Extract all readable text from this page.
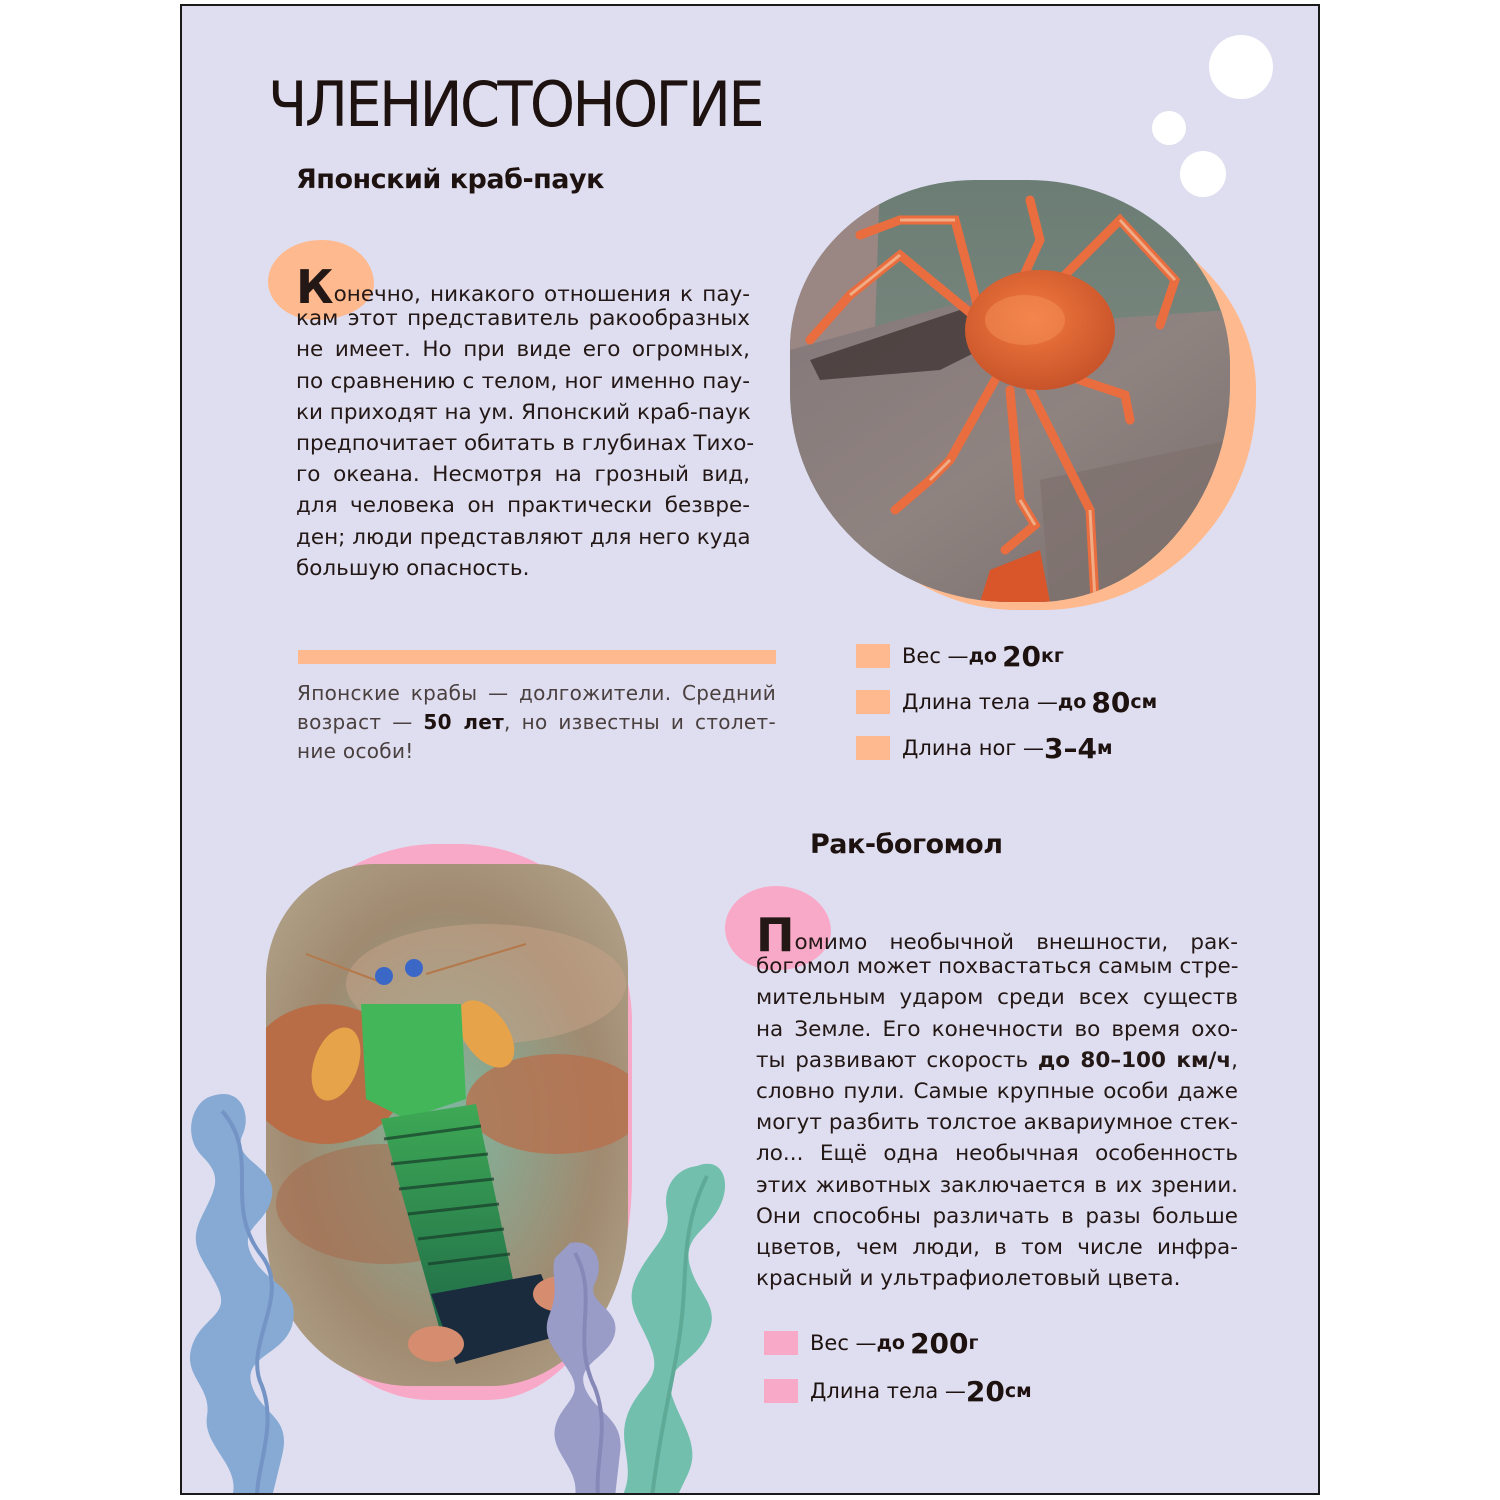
ЧЛЕНИСТОНОГИЕ
Японский краб-паук
Конечно, никакого отношения к пау-
кам этот представитель ракообразных
не имеет. Но при виде его огромных,
по сравнению с телом, ног именно пау-
ки приходят на ум. Японский краб-паук
предпочитает обитать в глубинах Тихо-
го океана. Несмотря на грозный вид,
для человека он практически безвре-
ден; люди представляют для него куда
большую опасность.
Японские крабы — долгожители. Средний
возраст — 50 лет, но известны и столет-
ние особи!
Вес — до
20 кг
Длина тела — до
80 см
Длина ног — 3–4 м
Рак-богомол
Помимо необычной внешности, рак-
богомол может похвастаться самым стре-
мительным ударом среди всех существ
на Земле. Его конечности во время охо-
ты развивают скорость до 80–100 км/ч,
словно пули. Самые крупные особи даже
могут разбить толстое аквариумное стек-
ло... Ещё одна необычная особенность
этих животных заключается в их зрении.
Они способны различать в разы больше
цветов, чем люди, в том числе инфра-
красный и ультрафиолетовый цвета.
Вес — до
200 г
Длина тела — 20 см
